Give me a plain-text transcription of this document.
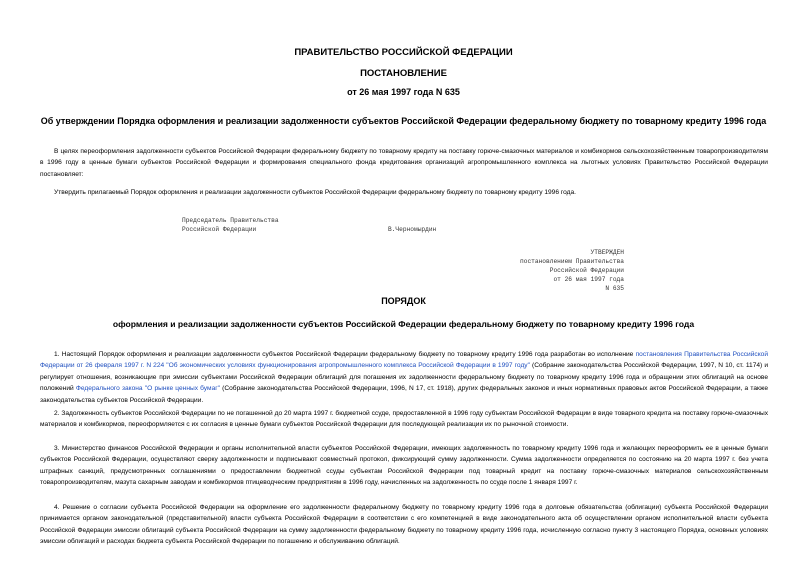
ПРАВИТЕЛЬСТВО РОССИЙСКОЙ ФЕДЕРАЦИИ
ПОСТАНОВЛЕНИЕ
от 26 мая 1997 года N 635
Об утверждении Порядка оформления и реализации задолженности субъектов Российской Федерации федеральному бюджету по товарному кредиту 1996 года
В целях переоформления задолженности субъектов Российской Федерации федеральному бюджету по товарному кредиту на поставку горюче-смазочных материалов и комбикормов сельскохозяйственным товаропроизводителям в 1996 году в ценные бумаги субъектов Российской Федерации и формирования специального фонда кредитования организаций агропромышленного комплекса на льготных условиях Правительство Российской Федерации постановляет:
Утвердить прилагаемый Порядок оформления и реализации задолженности субъектов Российской Федерации федеральному бюджету по товарному кредиту 1996 года.
Председатель Правительства
Российской Федерации	В.Черномырдин
УТВЕРЖДЕН
постановлением Правительства
Российской Федерации
от 26 мая 1997 года
N 635
ПОРЯДОК
оформления и реализации задолженности субъектов Российской Федерации федеральному бюджету по товарному кредиту 1996 года
1. Настоящий Порядок оформления и реализации задолженности субъектов Российской Федерации федеральному бюджету по товарному кредиту 1996 года разработан во исполнение постановления Правительства Российской Федерации от 26 февраля 1997 г. N 224 "Об экономических условиях функционирования агропромышленного комплекса Российской Федерации в 1997 году" (Собрание законодательства Российской Федерации, 1997, N 10, ст. 1174) и регулирует отношения, возникающие при эмиссии субъектами Российской Федерации облигаций для погашения их задолженности федеральному бюджету по товарному кредиту 1996 года и обращении этих облигаций на основе положений Федерального закона "О рынке ценных бумаг" (Собрание законодательства Российской Федерации, 1996, N 17, ст. 1918), других федеральных законов и иных нормативных правовых актов Российской Федерации, а также законодательства субъектов Российской Федерации.
2. Задолженность субъектов Российской Федерации по не погашенной до 20 марта 1997 г. бюджетной ссуде, предоставленной в 1996 году субъектам Российской Федерации в виде товарного кредита на поставку горюче-смазочных материалов и комбикормов, переоформляется с их согласия в ценные бумаги субъектов Российской Федерации для последующей реализации их по рыночной стоимости.
3. Министерство финансов Российской Федерации и органы исполнительной власти субъектов Российской Федерации, имеющих задолженность по товарному кредиту 1996 года и желающих переоформить ее в ценные бумаги субъектов Российской Федерации, осуществляют сверку задолженности и подписывают совместный протокол, фиксирующий сумму задолженности. Сумма задолженности определяется по состоянию на 20 марта 1997 г. без учета штрафных санкций, предусмотренных соглашениями о предоставлении бюджетной ссуды субъектам Российской Федерации под товарный кредит на поставку горюче-смазочных материалов сельскохозяйственным товаропроизводителям, мазута сахарным заводам и комбикормов птицеводческим предприятиям в 1996 году, начисленных на задолженность по ссуде после 1 января 1997 г.
4. Решение о согласии субъекта Российской Федерации на оформление его задолженности федеральному бюджету по товарному кредиту 1996 года в долговые обязательства (облигации) субъекта Российской Федерации принимается органом законодательной (представительной) власти субъекта Российской Федерации в соответствии с его компетенцией в виде законодательного акта об осуществлении органом исполнительной власти субъекта Российской Федерации эмиссии облигаций субъекта Российской Федерации на сумму задолженности федеральному бюджету по товарному кредиту 1996 года, исчисленную согласно пункту 3 настоящего Порядка, основных условиях эмиссии облигаций и расходах бюджета субъекта Российской Федерации по погашению и обслуживанию облигаций.
